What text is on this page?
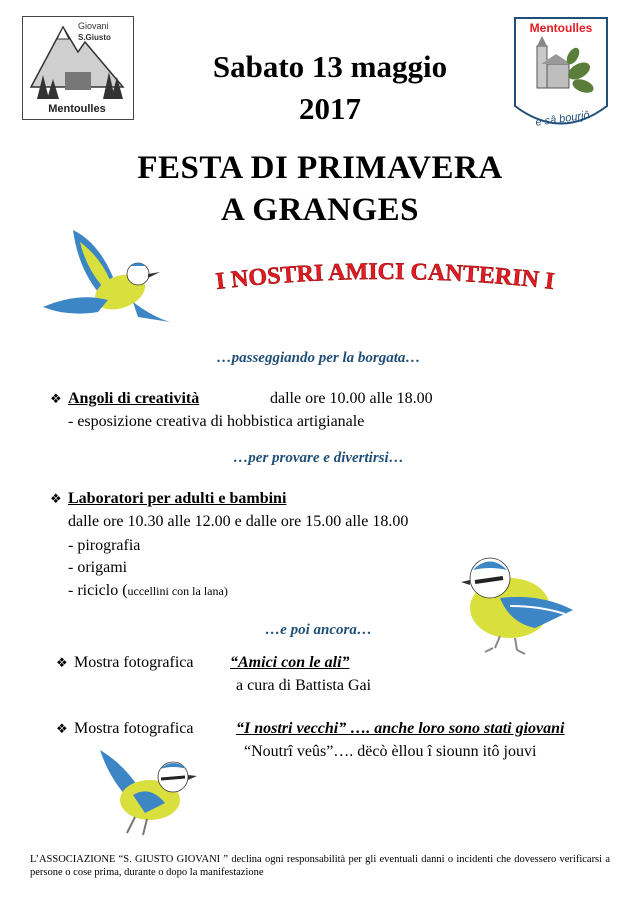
Giovani
S.Giusto
Mentoulles
Mentoulles
e sâ bourjô
Sabato 13 maggio
2017
FESTA DI PRIMAVERA
A GRANGES
I NOSTRI AMICI CANTERIN I
…passeggiando per la borgata…
❖ Angoli di creatività	dalle ore 10.00 alle 18.00
- esposizione creativa di hobbistica artigianale
…per provare e divertirsi…
❖ Laboratori per adulti e bambini
dalle ore 10.30 alle 12.00 e dalle ore 15.00 alle 18.00
- pirografia
- origami
- riciclo (uccellini con la lana)
…e poi ancora…
❖ Mostra fotografica “Amici con le ali”
a cura di Battista Gai
❖ Mostra fotografica	“I nostri vecchi” …. anche loro sono stati giovani
“Noutrî veûs”…. dëcò èllou î siounn itô jouvi
L’ASSOCIAZIONE “S. GIUSTO GIOVANI ” declina ogni responsabilità per gli eventuali danni o incidenti che dovessero verificarsi a persone o cose prima, durante o dopo la manifestazione
